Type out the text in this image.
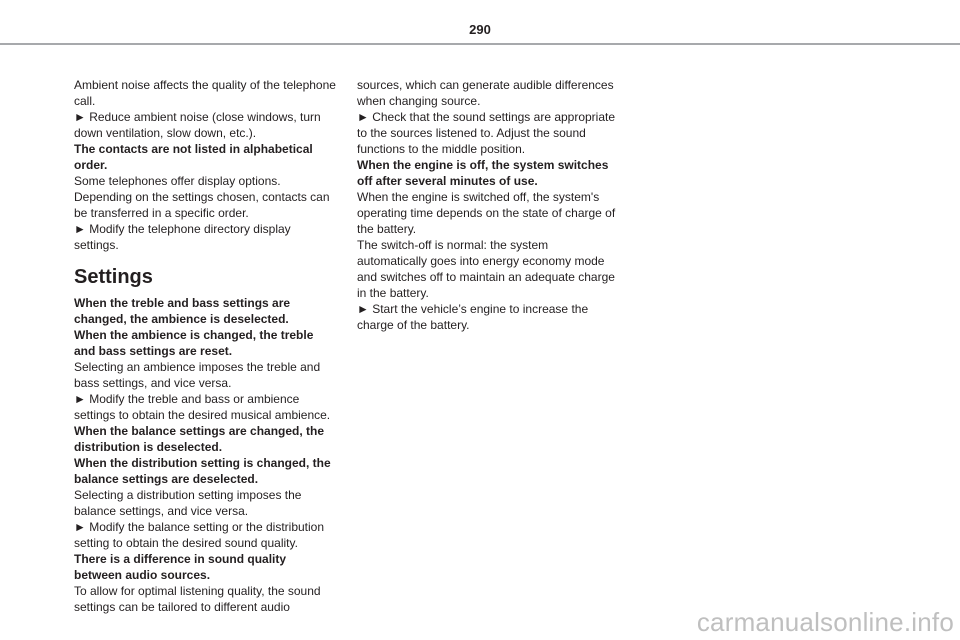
290

Ambient noise affects the quality of the telephone call.

► Reduce ambient noise (close windows, turn down ventilation, slow down, etc.).

The contacts are not listed in alphabetical order.

Some telephones offer display options. Depending on the settings chosen, contacts can be transferred in a specific order.

► Modify the telephone directory display settings.

Settings

When the treble and bass settings are changed, the ambience is deselected.

When the ambience is changed, the treble and bass settings are reset.

Selecting an ambience imposes the treble and bass settings, and vice versa.

► Modify the treble and bass or ambience settings to obtain the desired musical ambience.

When the balance settings are changed, the distribution is deselected.

When the distribution setting is changed, the balance settings are deselected.

Selecting a distribution setting imposes the balance settings, and vice versa.

► Modify the balance setting or the distribution setting to obtain the desired sound quality.

There is a difference in sound quality between audio sources.

To allow for optimal listening quality, the sound settings can be tailored to different audio

sources, which can generate audible differences when changing source.

► Check that the sound settings are appropriate to the sources listened to. Adjust the sound functions to the middle position.

When the engine is off, the system switches off after several minutes of use.

When the engine is switched off, the system's operating time depends on the state of charge of the battery.

The switch-off is normal: the system automatically goes into energy economy mode and switches off to maintain an adequate charge in the battery.

► Start the vehicle’s engine to increase the charge of the battery.

carmanualsonline.info
